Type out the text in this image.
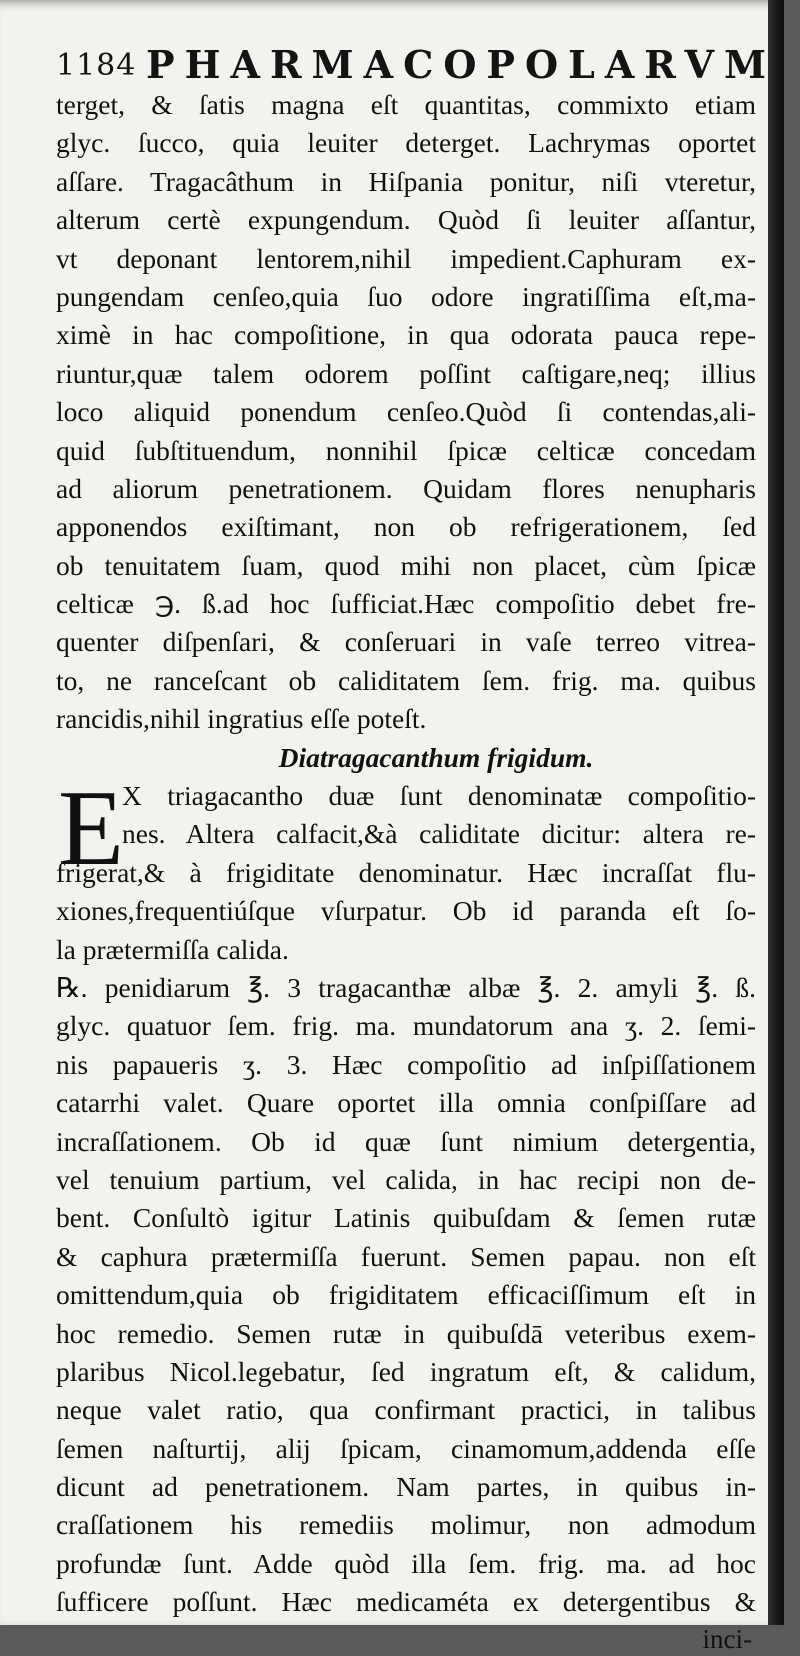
1184 PHARMACOPOLARVM
terget, & ſatis magna eſt quantitas, commixto etiam
glyc. ſucco, quia leuiter deterget. Lachrymas oportet
aſſare. Tragacâthum in Hiſpania ponitur, niſi vteretur,
alterum certè expungendum. Quòd ſi leuiter aſſantur,
vt deponant lentorem,nihil impedient.Caphuram ex-
pungendam cenſeo,quia ſuo odore ingratiſſima eſt,ma-
ximè in hac compoſitione, in qua odorata pauca repe-
riuntur,quæ talem odorem poſſint caſtigare,neq; illius
loco aliquid ponendum cenſeo.Quòd ſi contendas,ali-
quid ſubſtituendum, nonnihil ſpicæ celticæ concedam
ad aliorum penetrationem. Quidam flores nenupharis
apponendos exiſtimant, non ob refrigerationem, ſed
ob tenuitatem ſuam, quod mihi non placet, cùm ſpicæ
celticæ ℈. ß.ad hoc ſufficiat.Hæc compoſitio debet fre-
quenter diſpenſari, & conſeruari in vaſe terreo vitrea-
to, ne ranceſcant ob caliditatem ſem. frig. ma. quibus
rancidis,nihil ingratius eſſe poteſt.
Diatragacanthum frigidum.
E
X triagacantho duæ ſunt denominatæ compoſitio-
nes. Altera calfacit,&à caliditate dicitur: altera re-
frigerat,& à frigiditate denominatur. Hæc incraſſat flu-
xiones,frequentiúſque vſurpatur. Ob id paranda eſt ſo-
la prætermiſſa calida.
℞. penidiarum ℥. 3 tragacanthæ albæ ℥. 2. amyli ℥. ß.
glyc. quatuor ſem. frig. ma. mundatorum ana ʒ. 2. ſemi-
nis papaueris ʒ. 3. Hæc compoſitio ad inſpiſſationem
catarrhi valet. Quare oportet illa omnia conſpiſſare ad
incraſſationem. Ob id quæ ſunt nimium detergentia,
vel tenuium partium, vel calida, in hac recipi non de-
bent. Conſultò igitur Latinis quibuſdam & ſemen rutæ
& caphura prætermiſſa fuerunt. Semen papau. non eſt
omittendum,quia ob frigiditatem efficaciſſimum eſt in
hoc remedio. Semen rutæ in quibuſdā veteribus exem-
plaribus Nicol.legebatur, ſed ingratum eſt, & calidum,
neque valet ratio, qua confirmant practici, in talibus
ſemen naſturtij, alij ſpicam, cinamomum,addenda eſſe
dicunt ad penetrationem. Nam partes, in quibus in-
craſſationem his remediis molimur, non admodum
profundæ ſunt. Adde quòd illa ſem. frig. ma. ad hoc
ſufficere poſſunt. Hæc medicaméta ex detergentibus &
inci-
